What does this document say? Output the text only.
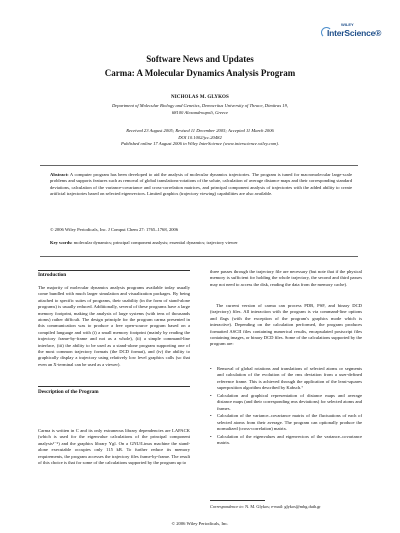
WILEY
InterScience®
Software News and Updates
Carma: A Molecular Dynamics Analysis Program
NICHOLAS M. GLYKOS
Department of Molecular Biology and Genetics, Democritus University of Thrace, Dimitras 19,
68100 Alexandroupoli, Greece
Received 23 August 2005; Revised 11 December 2005; Accepted 11 March 2006
DOI 10.1002/jcc.20482
Published online 17 August 2006 in Wiley InterScience (www.interscience.wiley.com).
Abstract: A computer program has been developed to aid the analysis of molecular dynamics trajectories. The program is tuned for macromolecular large-scale problems and supports features such as removal of global translations-rotations of the solute, calculation of average distance maps and their corresponding standard deviations, calculation of the variance-covariance and cross-correlation matrices, and principal component analysis of trajectories with the added ability to create artificial trajectories based on selected eigenvectors. Limited graphics (trajectory viewing) capabilities are also available.
© 2006 Wiley Periodicals, Inc. J Comput Chem 27: 1765–1768, 2006
Key words: molecular dynamics; principal component analysis; essential dynamics; trajectory viewer
Introduction
The majority of molecular dynamics analysis programs available today usually come bundled with much larger simulation and visualization packages. By being attached to specific suites of programs, their usability (in the form of stand-alone programs) is usually reduced. Additionally, several of these programs have a large memory footprint, making the analysis of large systems (with tens of thousands atoms) rather difficult. The design principle for the program carma presented in this communication was to produce a free open-source program based on a compiled language and with (i) a small memory footprint (mainly by reading the trajectory frame-by-frame and not as a whole), (ii) a simple command-line interface, (iii) the ability to be used as a stand-alone program supporting one of the most common trajectory formats (the DCD format), and (iv) the ability to graphically display a trajectory using relatively low level graphics calls (so that even an X-terminal can be used as a viewer).
Description of the Program
Carma is written in C and its only extraneous library dependencies are LAPACK (which is used for the eigenvalue calculations of the principal component analysis¹⁻⁶) and the graphics library Ygl. On a GNU/Linux machine the stand-alone executable occupies only 115 kB. To further reduce its memory requirements, the program accesses the trajectory files frame-by-frame. The result of this choice is that for some of the calculations supported by the program up to
three passes through the trajectory file are necessary (but note that if the physical memory is sufficient for holding the whole trajectory, the second and third passes may not need to access the disk, reading the data from the memory cache).
The current version of carma can process PDB, PSF, and binary DCD (trajectory) files. All interaction with the program is via command-line options and flags (with the exception of the program's graphics mode which is interactive). Depending on the calculation performed, the program produces formatted ASCII files containing numerical results, encapsulated postscript files containing images, or binary DCD files. Some of the calculations supported by the program are:
• Removal of global rotations and translations of selected atoms or segments and calculation of the evolution of the rms deviation from a user-defined reference frame. This is achieved through the application of the least-squares superposition algorithm described by Kabsch.⁷
• Calculation and graphical representation of distance maps and average distance maps (and their corresponding rms deviations) for selected atoms and frames.
• Calculation of the variance–covariance matrix of the fluctuations of each of selected atoms from their average. The program can optionally produce the normalized (cross-correlation) matrix.
• Calculation of the eigenvalues and eigenvectors of the variance–covariance matrix.
Correspondence to: N. M. Glykos; e-mail: glykos@mbg.duth.gr
© 2006 Wiley Periodicals, Inc.
